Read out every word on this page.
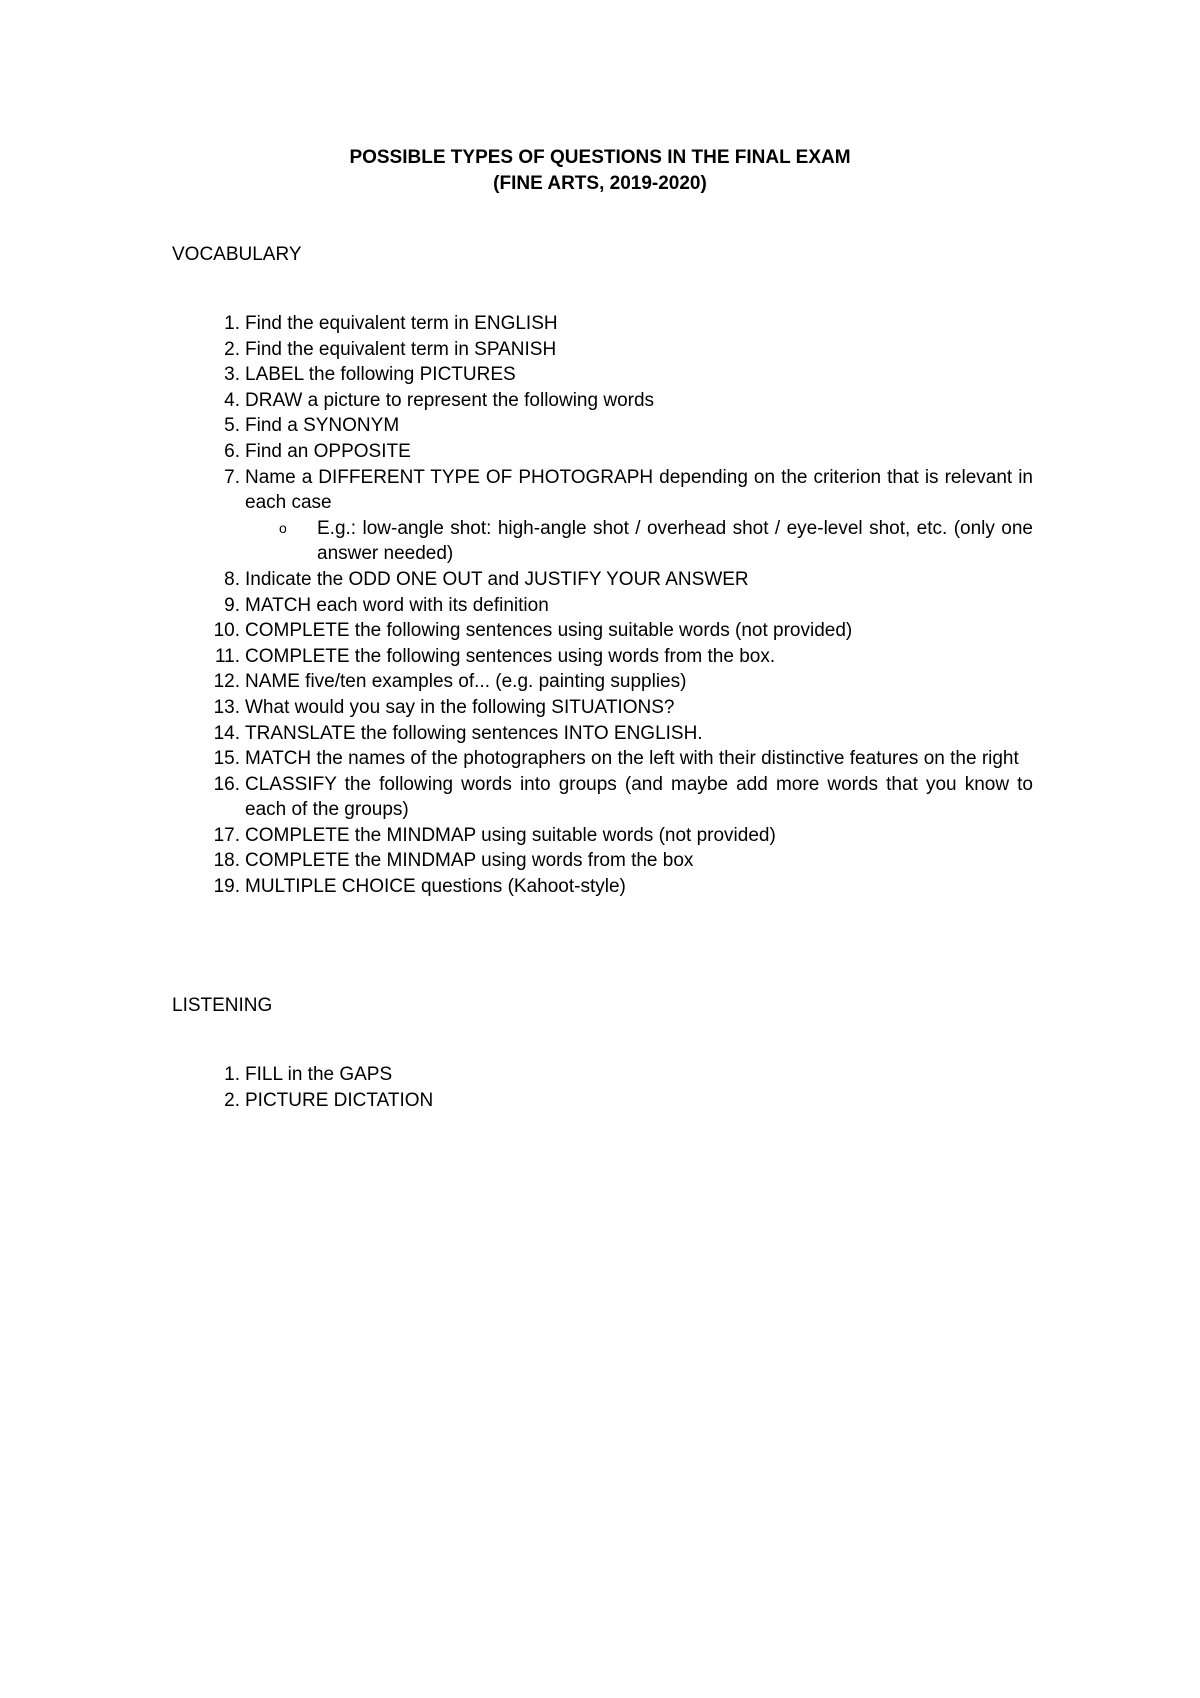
POSSIBLE TYPES OF QUESTIONS IN THE FINAL EXAM

(FINE ARTS, 2019-2020)

VOCABULARY

1. Find the equivalent term in ENGLISH
2. Find the equivalent term in SPANISH
3. LABEL the following PICTURES
4. DRAW a picture to represent the following words
5. Find a SYNONYM
6. Find an OPPOSITE
7. Name a DIFFERENT TYPE OF PHOTOGRAPH depending on the criterion that is relevant in each case
o E.g.: low-angle shot: high-angle shot / overhead shot / eye-level shot, etc. (only one answer needed)
8. Indicate the ODD ONE OUT and JUSTIFY YOUR ANSWER
9. MATCH each word with its definition
10. COMPLETE the following sentences using suitable words (not provided)
11. COMPLETE the following sentences using words from the box.
12. NAME five/ten examples of... (e.g. painting supplies)
13. What would you say in the following SITUATIONS?
14. TRANSLATE the following sentences INTO ENGLISH.
15. MATCH the names of the photographers on the left with their distinctive features on the right
16. CLASSIFY the following words into groups (and maybe add more words that you know to each of the groups)
17. COMPLETE the MINDMAP using suitable words (not provided)
18. COMPLETE the MINDMAP using words from the box
19. MULTIPLE CHOICE questions (Kahoot-style)

LISTENING

1. FILL in the GAPS
2. PICTURE DICTATION
